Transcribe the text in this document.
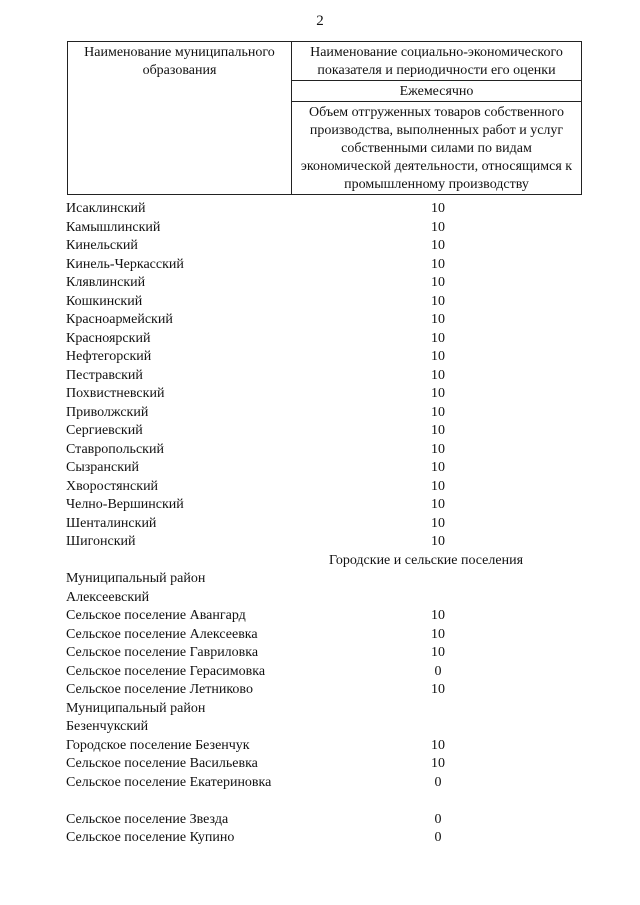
2
Наименование муниципального образования	Наименование социально-экономического показателя и периодичности его оценки
Ежемесячно
Объем отгруженных товаров собственного производства, выполненных работ и услуг собственными силами по видам экономической деятельности, относящимся к промышленному производству
Исаклинский	10
Камышлинский	10
Кинельский	10
Кинель-Черкасский	10
Клявлинский	10
Кошкинский	10
Красноармейский	10
Красноярский	10
Нефтегорский	10
Пестравский	10
Похвистневский	10
Приволжский	10
Сергиевский	10
Ставропольский	10
Сызранский	10
Хворостянский	10
Челно-Вершинский	10
Шенталинский	10
Шигонский	10
Городские и сельские поселения
Муниципальный район
Алексеевский
Сельское поселение Авангард	10
Сельское поселение Алексеевка	10
Сельское поселение Гавриловка	10
Сельское поселение Герасимовка	0
Сельское поселение Летниково	10
Муниципальный район
Безенчукский
Городское поселение Безенчук	10
Сельское поселение Васильевка	10
Сельское поселение Екатериновка	0
Сельское поселение Звезда	0
Сельское поселение Купино	0
